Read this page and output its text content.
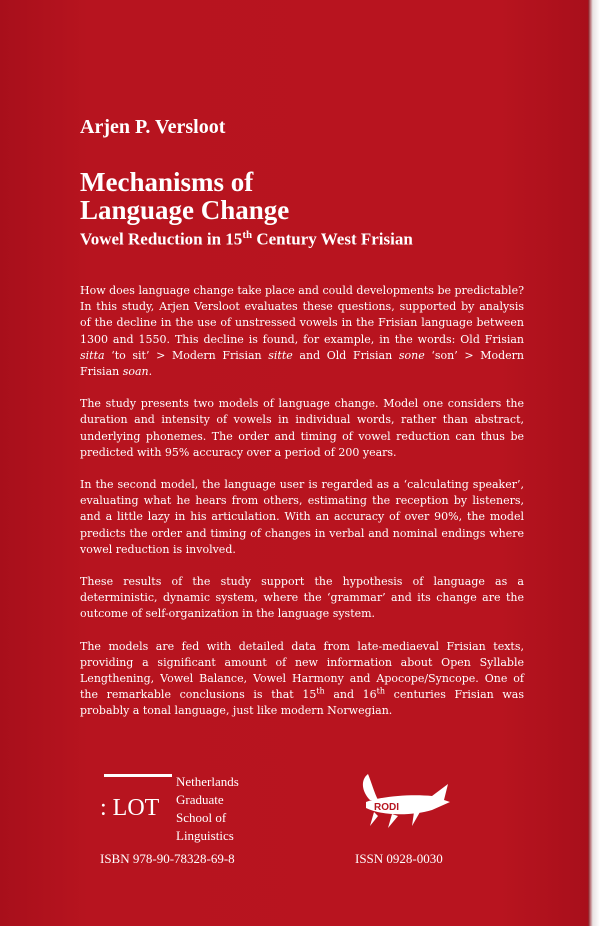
Arjen P. Versloot
Mechanisms of
Language Change
Vowel Reduction in 15th Century West Frisian

How does language change take place and could developments be predictable? In this study, Arjen Versloot evaluates these questions, supported by analysis of the decline in the use of unstressed vowels in the Frisian language between 1300 and 1550. This decline is found, for example, in the words: Old Frisian sitta ‘to sit’ > Modern Frisian sitte and Old Frisian sone ‘son’ > Modern Frisian soan.

The study presents two models of language change. Model one considers the duration and intensity of vowels in individual words, rather than abstract, underlying phonemes. The order and timing of vowel reduction can thus be predicted with 95% accuracy over a period of 200 years.

In the second model, the language user is regarded as a ‘calculating speaker’, evaluating what he hears from others, estimating the reception by listeners, and a little lazy in his articulation. With an accuracy of over 90%, the model predicts the order and timing of changes in verbal and nominal endings where vowel reduction is involved.

These results of the study support the hypothesis of language as a deterministic, dynamic system, where the ‘grammar’ and its change are the outcome of self-organization in the language system.

The models are fed with detailed data from late-mediaeval Frisian texts, providing a significant amount of new information about Open Syllable Lengthening, Vowel Balance, Vowel Harmony and Apocope/Syncope. One of the remarkable conclusions is that 15th and 16th centuries Frisian was probably a tonal language, just like modern Norwegian.

: LOT
Netherlands
Graduate
School of
Linguistics
RODI
ISBN 978-90-78328-69-8	ISSN 0928-0030
